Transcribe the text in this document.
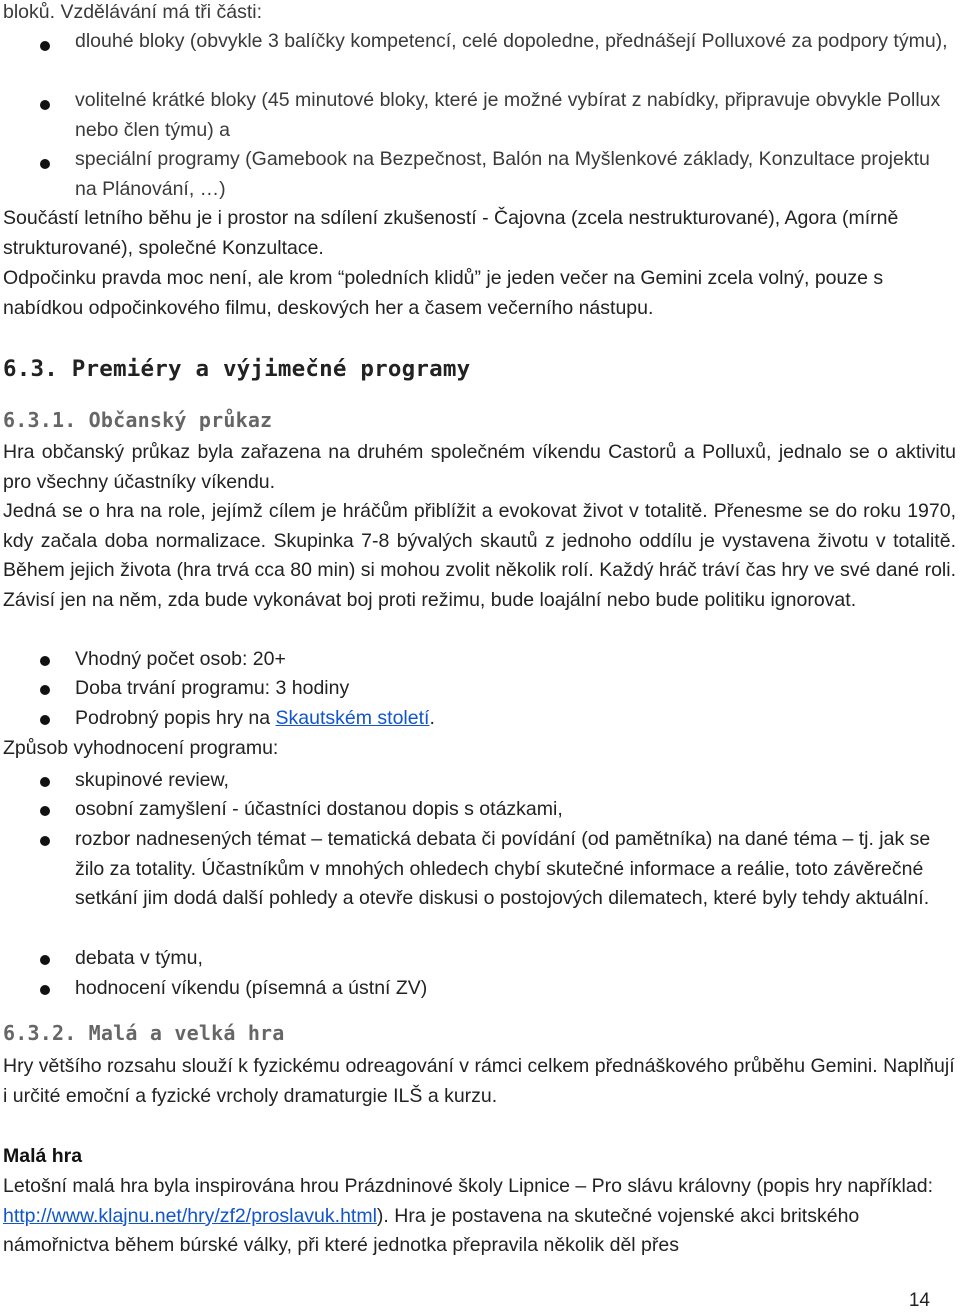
bloků. Vzdělávání má tři části:

dlouhé bloky (obvykle 3 balíčky kompetencí, celé dopoledne, přednášejí Polluxové za podpory týmu),
volitelné krátké bloky (45 minutové bloky, které je možné vybírat z nabídky, připravuje obvykle Pollux nebo člen týmu) a
speciální programy (Gamebook na Bezpečnost, Balón na Myšlenkové základy, Konzultace projektu na Plánování, …)

Součástí letního běhu je i prostor na sdílení zkušeností - Čajovna (zcela nestrukturované), Agora (mírně strukturované), společné Konzultace.

Odpočinku pravda moc není, ale krom “poledních klidů” je jeden večer na Gemini zcela volný, pouze s nabídkou odpočinkového filmu, deskových her a časem večerního nástupu.

6.3. Premiéry a výjimečné programy
6.3.1. Občanský průkaz

Hra občanský průkaz byla zařazena na druhém společném víkendu Castorů a Polluxů, jednalo se o aktivitu pro všechny účastníky víkendu.

Jedná se o hra na role, jejímž cílem je hráčům přiblížit a evokovat život v totalitě. Přenesme se do roku 1970, kdy začala doba normalizace. Skupinka 7-8 bývalých skautů z jednoho oddílu je vystavena životu v totalitě. Během jejich života (hra trvá cca 80 min) si mohou zvolit několik rolí. Každý hráč tráví čas hry ve své dané roli. Závisí jen na něm, zda bude vykonávat boj proti režimu, bude loajální nebo bude politiku ignorovat.

Vhodný počet osob: 20+
Doba trvání programu: 3 hodiny
Podrobný popis hry na Skautském století.

Způsob vyhodnocení programu:

skupinové review,
osobní zamyšlení - účastníci dostanou dopis s otázkami,
rozbor nadnesených témat – tematická debata či povídání (od pamětníka) na dané téma – tj. jak se žilo za totality. Účastníkům v mnohých ohledech chybí skutečné informace a reálie, toto závěrečné setkání jim dodá další pohledy a otevře diskusi o postojových dilematech, které byly tehdy aktuální.
debata v týmu,
hodnocení víkendu (písemná a ústní ZV)
6.3.2. Malá a velká hra

Hry většího rozsahu slouží k fyzickému odreagování v rámci celkem přednáškového průběhu Gemini. Naplňují i určité emoční a fyzické vrcholy dramaturgie ILŠ a kurzu.

Malá hra

Letošní malá hra byla inspirována hrou Prázdninové školy Lipnice – Pro slávu královny (popis hry například: http://www.klajnu.net/hry/zf2/proslavuk.html). Hra je postavena na skutečné vojenské akci britského námořnictva během búrské války, při které jednotka přepravila několik děl přes

14
